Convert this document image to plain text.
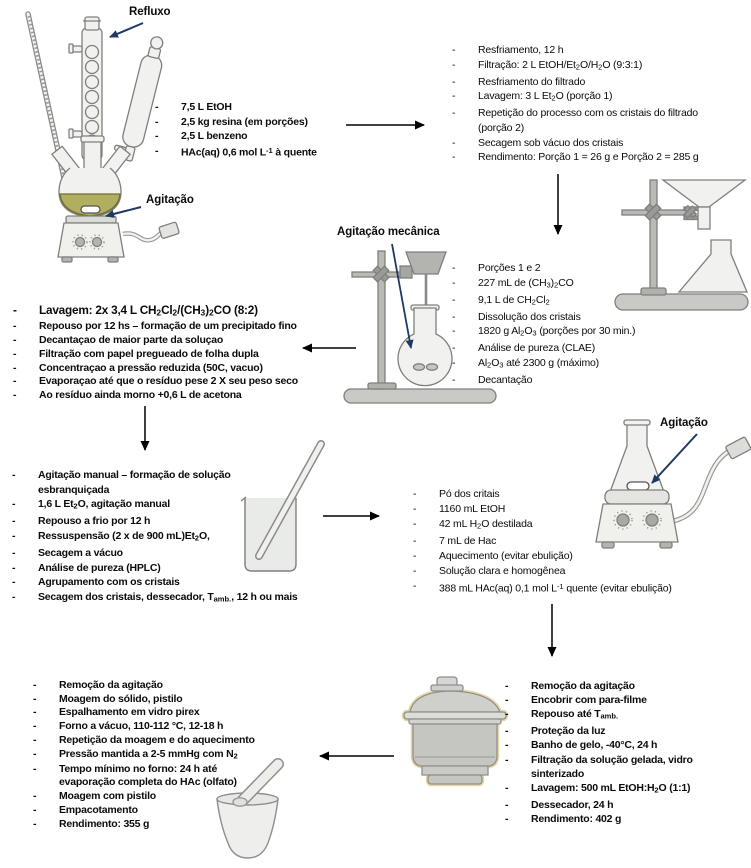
Refluxo
Agitação
Agitação mecânica
Agitação
-	7,5 L EtOH
-	2,5 kg resina (em porções)
-	2,5 L benzeno
-	HAc(aq) 0,6 mol $L^{-1}$ à quente
-	Resfriamento, 12 h
-	Filtração: 2 L EtOH/$Et_2O/H_2O$ (9:3:1)
-	Resfriamento do filtrado
-	Lavagem: 3 L $Et_2O$ (porção 1)
-	Repetição do processo com os cristais do filtrado
(porção 2)
-	Secagem sob vácuo dos cristais
-	Rendimento: Porção 1 = 26 g e Porção 2 = 285 g
-	Porções 1 e 2
-	227 mL de $(CH_3)_2CO$
-	9,1 L de $CH_2Cl_2$
-	Dissolução dos cristais
-	1820 g $Al_2O_3$ (porções por 30 min.)
-	Análise de pureza (CLAE)
-	$Al_2O_3$ até 2300 g (máximo)
-	Decantação
-	Lavagem: 2x 3,4 L $CH_2Cl_2/(CH_3)_2CO$ (8:2)
-	Repouso por 12 hs – formação de um precipitado fino
-	Decantaçao de maior parte da soluçao
-	Filtração com papel pregueado de folha dupla
-	Concentraçao a pressão reduzida (50C, vacuo)
-	Evaporaçao até que o resíduo pese 2 X seu peso seco
-	Ao resíduo ainda morno +0,6 L de acetona
-	Agitação manual – formação de solução
esbranquiçada
-	1,6 L $Et_2O$, agitação manual
-	Repouso a frio por 12 h
-	Ressuspensão (2 x de 900 $mL)Et_2O$,
-	Secagem a vácuo
-	Análise de pureza (HPLC)
-	Agrupamento com os cristais
-	Secagem dos cristais, dessecador, $T_{amb.}$, 12 h ou mais
-	Pó dos critais
-	1160 mL EtOH
-	42 mL $H_2O$ destilada
-	7 mL de Hac
-	Aquecimento (evitar ebulição)
-	Solução clara e homogênea
-	388 mL HAc(aq) 0,1 mol $L^{-1}$ quente (evitar ebulição)
-	Remoção da agitação
-	Encobrir com para-filme
-	Repouso até $T_{amb.}$
-	Proteção da luz
-	Banho de gelo, -40°C, 24 h
-	Filtração da solução gelada, vidro
sinterizado
-	Lavagem: 500 mL $EtOH:H_2O$ (1:1)
-	Dessecador, 24 h
-	Rendimento: 402 g
-	Remoção da agitação
-	Moagem do sólido, pistilo
-	Espalhamento em vidro pirex
-	Forno a vácuo, 110-112 °C, 12-18 h
-	Repetição da moagem e do aquecimento
-	Pressão mantida a 2-5 mmHg com $N_2$
-	Tempo mínimo no forno: 24 h até
evaporação completa do HAc (olfato)
-	Moagem com pistilo
-	Empacotamento
-	Rendimento: 355 g
